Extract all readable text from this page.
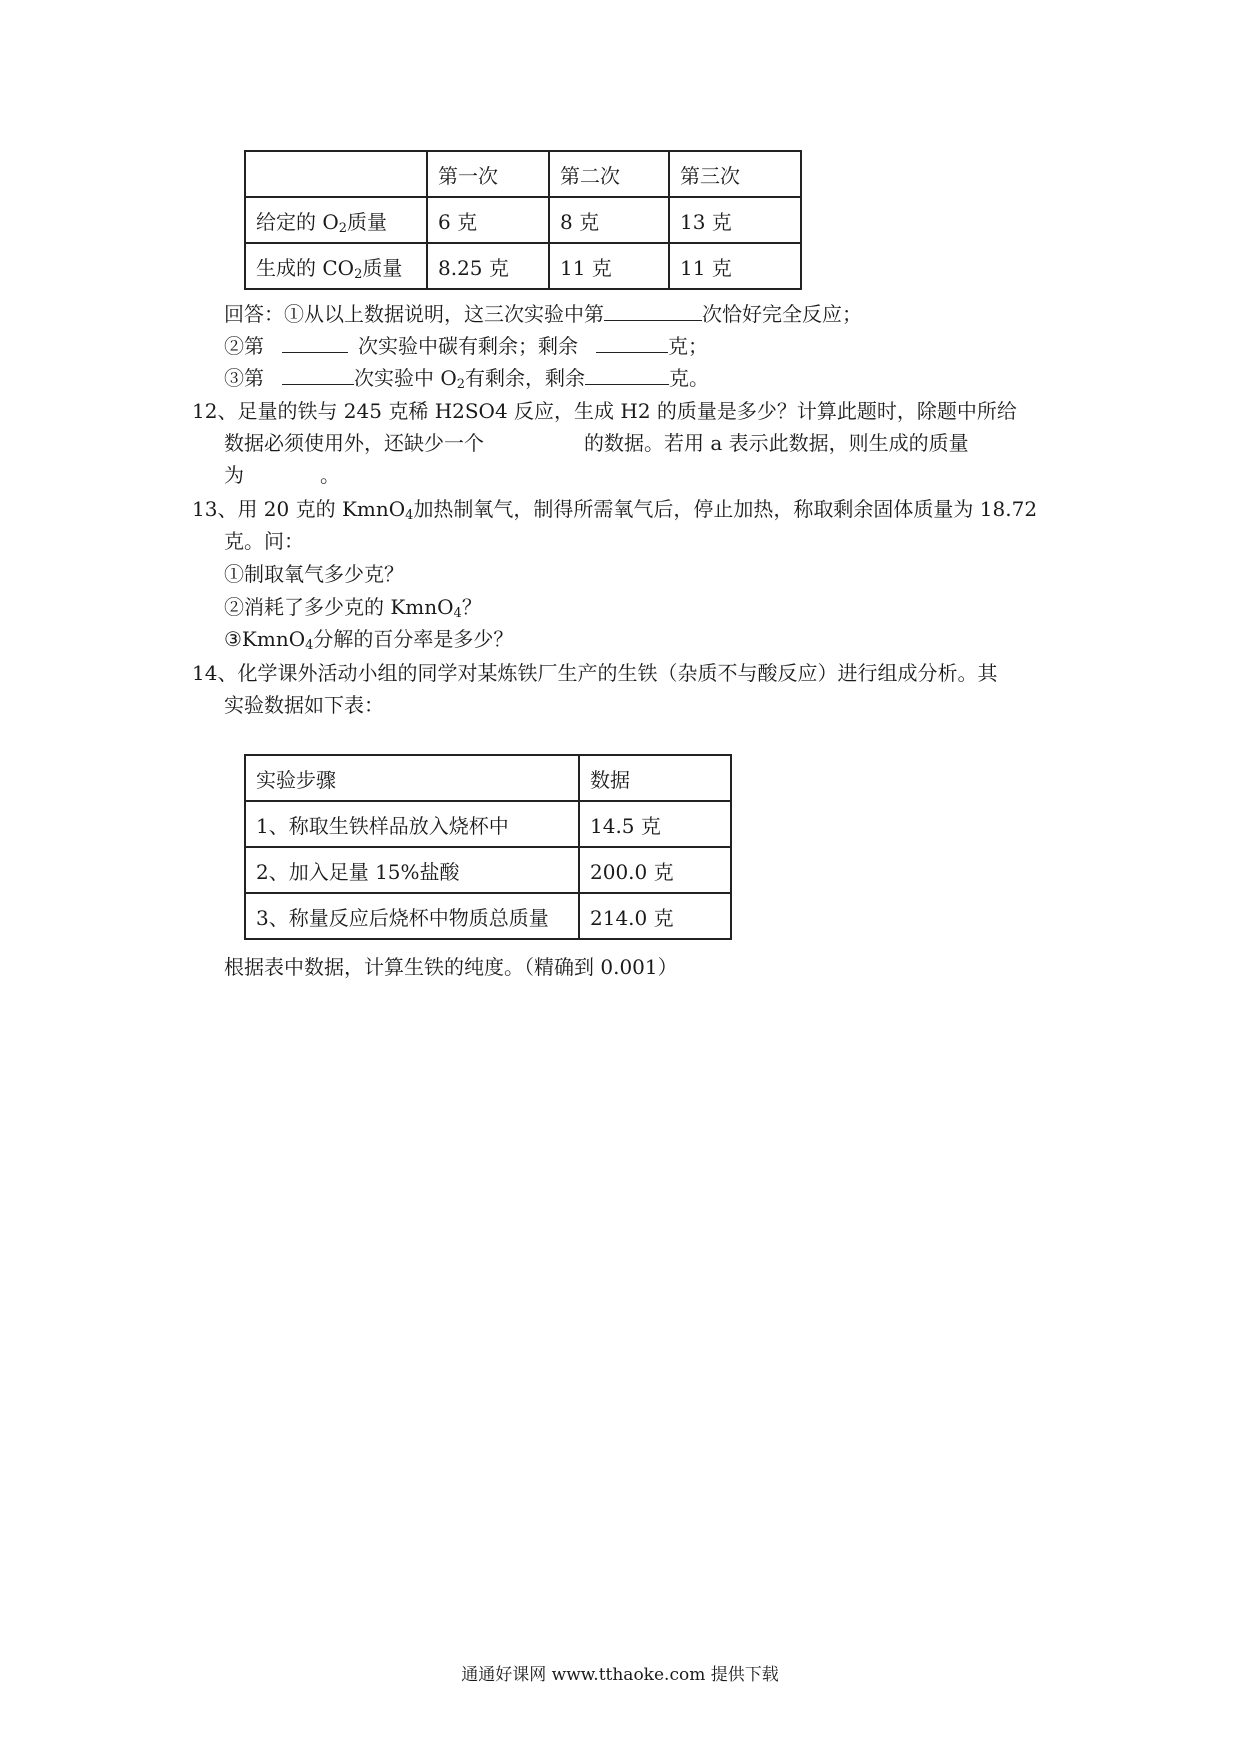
	第一次	第二次	第三次
给定的 $O_2$质量	6 克	8 克	13 克
生成的 $CO_2$质量	8.25 克	11 克	11 克
回答：①从以上数据说明，这三次实验中第	次恰好完全反应；
②第	次实验中碳有剩余；剩余	克；
③第	次实验中 $O_2$有剩余，剩余	克。
12、足量的铁与 245 克稀 H2SO4 反应，生成 H2 的质量是多少？计算此题时，除题中所给
数据必须使用外，还缺少一个	的数据。若用 a 表示此数据，则生成的质量
为	。
13、用 20 克的 KmnO$_4$加热制氧气，制得所需氧气后，停止加热，称取剩余固体质量为 18.72
克。问：
①制取氧气多少克？
②消耗了多少克的 KmnO$_4$？
③KmnO$_4$分解的百分率是多少？
14、化学课外活动小组的同学对某炼铁厂生产的生铁（杂质不与酸反应）进行组成分析。其
实验数据如下表：
实验步骤	数据
1、称取生铁样品放入烧杯中	14.5 克
2、加入足量 15%盐酸	200.0 克
3、称量反应后烧杯中物质总质量	214.0 克
根据表中数据，计算生铁的纯度。（精确到 0.001）
通通好课网 www.tthaoke.com 提供下载
